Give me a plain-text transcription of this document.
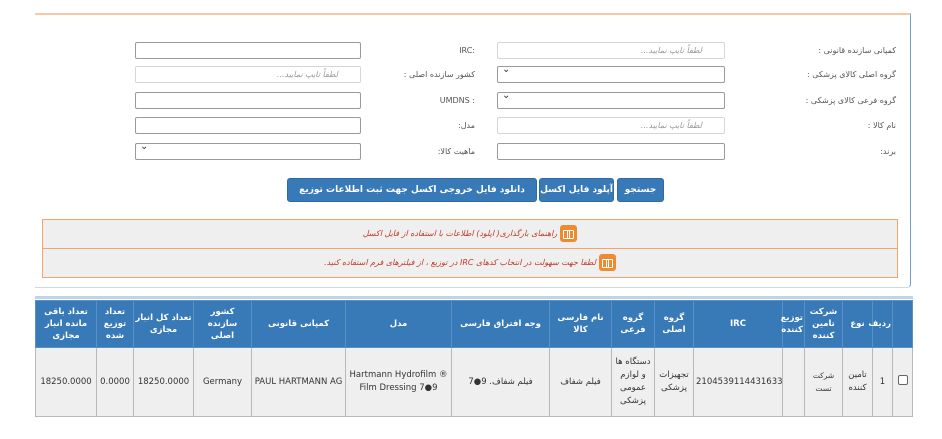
کمپانی سازنده قانونی :
لطفاً تایپ نمایید...
گروه اصلی کالای پزشکی :
⌄
گروه فرعی کالای پزشکی :
⌄
نام کالا :
لطفاً تایپ نمایید...
برند:
:IRC
کشور سازنده اصلی :
لطفاً تایپ نمایید...
: UMDNS
مدل:
ماهیت کالا:
⌄
جستجو
آپلود فایل اکسل
دانلود فایل خروجی اکسل جهت ثبت اطلاعات توزیع
راهنمای بارگذاری( اپلود) اطلاعات با استفاده از فایل اکسل
لطفا جهت سهولت در انتخاب کدهای IRC در توزیع ، از فیلترهای فرم استفاده کنید.
	ردیف	نوع	شرکت تامین کننده	توزیع کننده	IRC	گروه اصلی	گروه فرعی	نام فارسی کالا	وجه افتراق فارسی	مدل	کمپانی قانونی	کشور سازنده اصلی	تعداد کل انبار مجازی	تعداد توزیع شده	تعداد باقی مانده انبار مجازی
	1	تامین کننده	شرکت تست		2104539114431633	تجهیزات پزشکی	دستگاه ها و لوازم عمومی پزشکی	فیلم شفاف	فیلم شفاف. 9●7	Hartmann Hydrofilm ® Film Dressing 7●9	PAUL HARTMANN AG	Germany	18250.0000	0.0000	18250.0000
